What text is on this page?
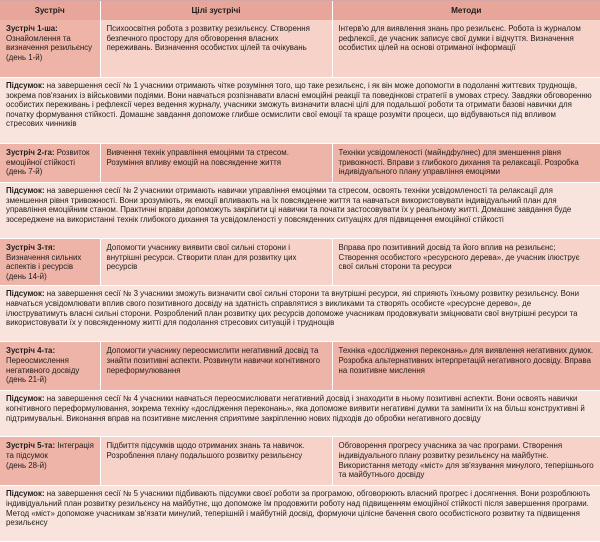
Зустріч	Цілі зустрічі	Методи
Зустріч 1-ша:
Ознайомлення та визначення резильєнсу
(день 1-й)	Психоосвітня робота з розвитку резильєнсу. Створення безпечного простору для обговорення власних переживань. Визначення особистих цілей та очікувань	Інтерв'ю для виявлення знань про резильєнс. Робота із журналом рефлексії, де учасник записує свої думки і відчуття. Визначення особистих цілей на основі отриманої інформації
Підсумок: на завершення сесії № 1 учасники отримають чітке розуміння того, що таке резильєнс, і як він може допомогти в подоланні життєвих труднощів, зокрема пов'язаних із військовими подіями. Вони навчаться розпізнавати власні емоційні реакції та поведінкові стратегії в умовах стресу. Завдяки обговоренню особистих переживань і рефлексії через ведення журналу, учасники зможуть визначити власні цілі для подальшої роботи та отримати базові навички для початку формування стійкості. Домашнє завдання допоможе глибше осмислити свої емоції та краще розуміти процеси, що відбуваються під впливом стресових чинників		
Зустріч 2-га: Розвиток емоційної стійкості
(день 7-й)	Вивчення технік управління емоціями та стресом. Розуміння впливу емоцій на повсякденне життя	Техніки усвідомленості (майндфулнес) для зменшення рівня тривожності. Вправи з глибокого дихання та релаксації. Розробка індивідуального плану управління емоціями
Підсумок: на завершення сесії № 2 учасники отримають навички управління емоціями та стресом, освоять техніки усвідомленості та релаксації для зменшення рівня тривожності. Вони зрозуміють, як емоції впливають на їх повсякденне життя та навчаться використовувати індивідуальний план для управління емоційним станом. Практичні вправи допоможуть закріпити ці навички та почати застосовувати їх у реальному житті. Домашнє завдання буде зосереджене на використанні технік глибокого дихання та усвідомленості у повсякденних ситуаціях для підвищення емоційної стійкості		
Зустріч 3-тя: Визначення сильних аспектів і ресурсів
(день 14-й)	Допомогти учаснику виявити свої сильні сторони і внутрішні ресурси. Створити план для розвитку цих ресурсів	Вправа про позитивний досвід та його вплив на резильєнс; Створення особистого «ресурсного дерева», де учасник ілюструє свої сильні сторони та ресурси
Підсумок: на завершення сесії № 3 учасники зможуть визначити свої сильні сторони та внутрішні ресурси, які сприяють їхньому розвитку резильєнсу. Вони навчаться усвідомлювати вплив свого позитивного досвіду на здатність справлятися з викликами та створять особисте «ресурсне дерево», де ілюструватимуть власні сильні сторони. Розроблений план розвитку цих ресурсів допоможе учасникам продовжувати зміцнювати свої внутрішні ресурси та використовувати їх у повсякденному житті для подолання стресових ситуацій і труднощів		
Зустріч 4-та:
Переосмислення негативного досвіду
(день 21-й)	Допомогти учаснику переосмислити негативний досвід та знайти позитивні аспекти. Розвинути навички когнітивного переформулювання	Техніка «дослідження переконань» для виявлення негативних думок. Розробка альтернативних інтерпретацій негативного досвіду. Вправа на позитивне мислення
Підсумок: на завершення сесії № 4 учасники навчаться переосмислювати негативний досвід і знаходити в ньому позитивні аспекти. Вони освоять навички когнітивного переформулювання, зокрема техніку «дослідження переконань», яка допоможе виявити негативні думки та замінити їх на більш конструктивні й підтримувальні. Виконання вправ на позитивне мислення сприятиме закріпленню нових підходів до обробки негативного досвіду		
Зустріч 5-та: Інтеграція та підсумок
(день 28-й)	Підбиття підсумків щодо отриманих знань та навичок. Розроблення плану подальшого розвитку резильєнсу	Обговорення прогресу учасника за час програми. Створення індивідуального плану розвитку резильєнсу на майбутнє. Використання методу «міст» для зв'язування минулого, теперішнього та майбутнього досвіду
Підсумок: на завершення сесії № 5 учасники підбивають підсумки своєї роботи за програмою, обговорюють власний прогрес і досягнення. Вони розроблюють індивідуальний план розвитку резильєнсу на майбутнє, що допоможе їм продовжити роботу над підвищенням емоційної стійкості після завершення програми. Метод «міст» допоможе учасникам зв'язати минулий, теперішній і майбутній досвід, формуючи цілісне бачення свого особистісного розвитку та підвищення резильєнсу		
